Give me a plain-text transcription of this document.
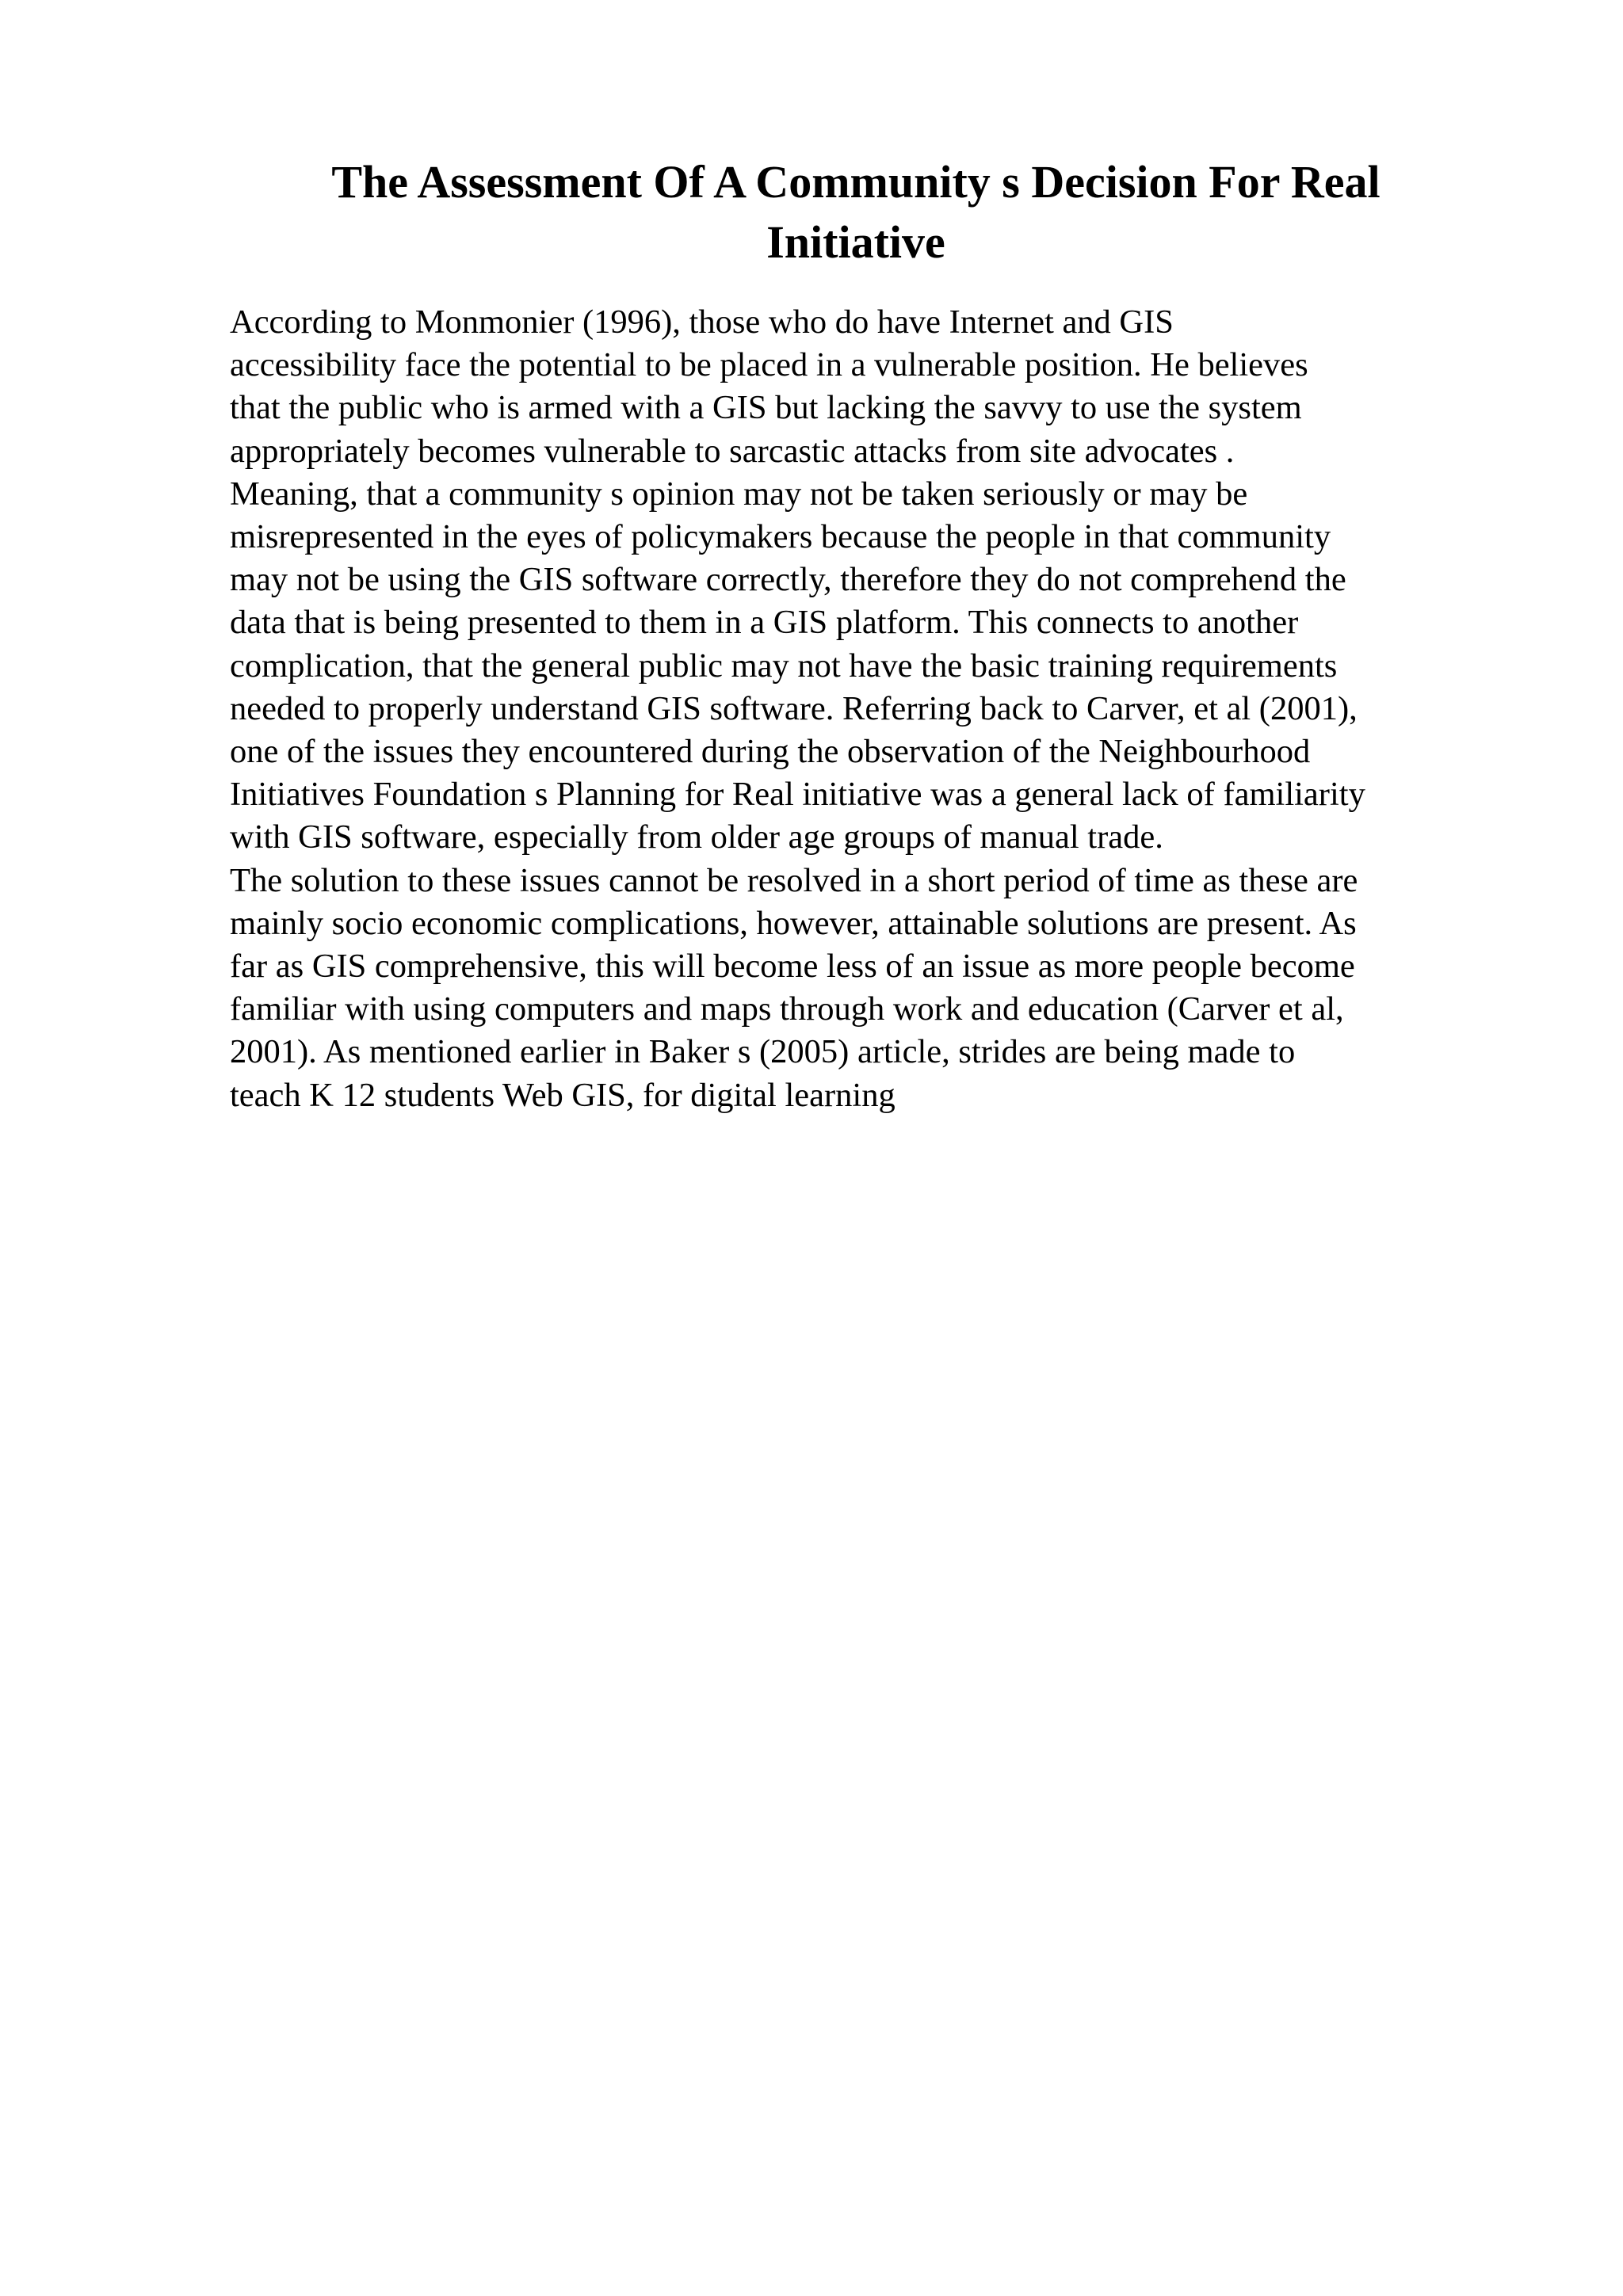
The Assessment Of A Community s Decision For Real
Initiative
According to Monmonier (1996), those who do have Internet and GIS
accessibility face the potential to be placed in a vulnerable position. He believes
that the public who is armed with a GIS but lacking the savvy to use the system
appropriately becomes vulnerable to sarcastic attacks from site advocates .
Meaning, that a community s opinion may not be taken seriously or may be
misrepresented in the eyes of policymakers because the people in that community
may not be using the GIS software correctly, therefore they do not comprehend the
data that is being presented to them in a GIS platform. This connects to another
complication, that the general public may not have the basic training requirements
needed to properly understand GIS software. Referring back to Carver, et al (2001),
one of the issues they encountered during the observation of the Neighbourhood
Initiatives Foundation s Planning for Real initiative was a general lack of familiarity
with GIS software, especially from older age groups of manual trade.
The solution to these issues cannot be resolved in a short period of time as these are
mainly socio economic complications, however, attainable solutions are present. As
far as GIS comprehensive, this will become less of an issue as more people become
familiar with using computers and maps through work and education (Carver et al,
2001). As mentioned earlier in Baker s (2005) article, strides are being made to
teach K 12 students Web GIS, for digital learning
